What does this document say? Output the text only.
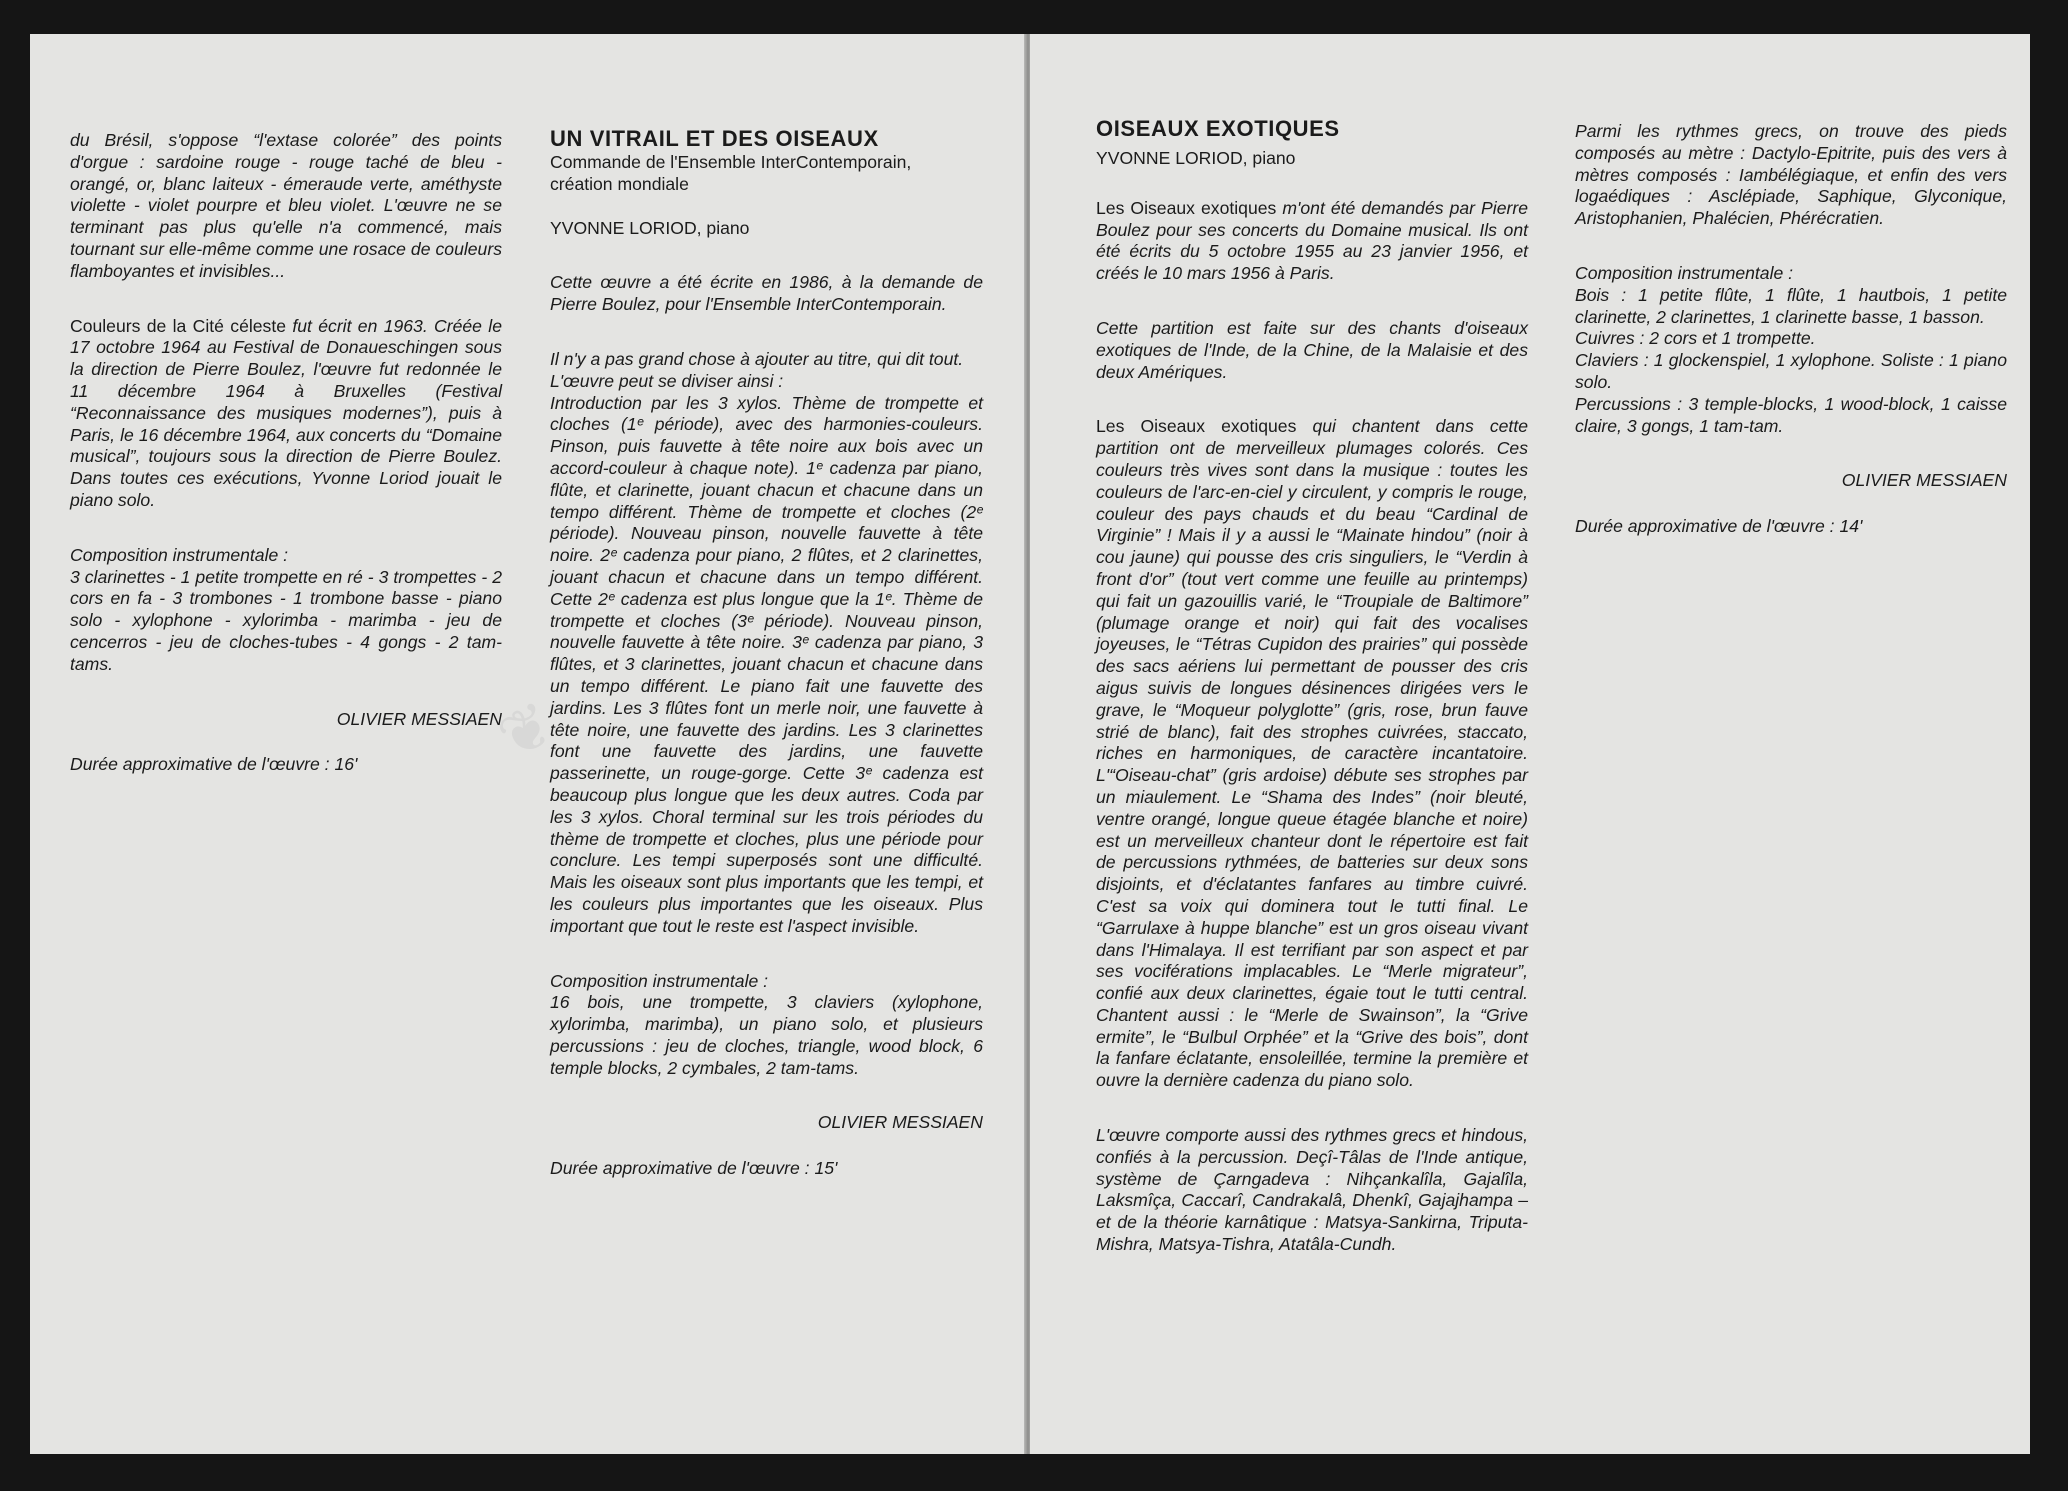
du Brésil, s'oppose “l'extase colorée” des points d'orgue : sardoine rouge - rouge taché de bleu - orangé, or, blanc laiteux - émeraude verte, améthyste violette - violet pourpre et bleu violet. L'œuvre ne se terminant pas plus qu'elle n'a commencé, mais tournant sur elle-même comme une rosace de couleurs flamboyantes et invisibles...

Couleurs de la Cité céleste fut écrit en 1963. Créée le 17 octobre 1964 au Festival de Donaueschingen sous la direction de Pierre Boulez, l'œuvre fut redonnée le 11 décembre 1964 à Bruxelles (Festival “Reconnaissance des musiques modernes”), puis à Paris, le 16 décembre 1964, aux concerts du “Domaine musical”, toujours sous la direction de Pierre Boulez. Dans toutes ces exécutions, Yvonne Loriod jouait le piano solo.

Composition instrumentale :
3 clarinettes - 1 petite trompette en ré - 3 trompettes - 2 cors en fa - 3 trombones - 1 trombone basse - piano solo - xylophone - xylorimba - marimba - jeu de cencerros - jeu de cloches-tubes - 4 gongs - 2 tam-tams.

OLIVIER MESSIAEN

Durée approximative de l'œuvre : 16'

UN VITRAIL ET DES OISEAUX
Commande de l'Ensemble InterContemporain,
création mondiale

YVONNE LORIOD, piano

Cette œuvre a été écrite en 1986, à la demande de Pierre Boulez, pour l'Ensemble InterContemporain.

Il n'y a pas grand chose à ajouter au titre, qui dit tout.
L'œuvre peut se diviser ainsi :
Introduction par les 3 xylos. Thème de trompette et cloches (1ᵉ période), avec des harmonies-couleurs. Pinson, puis fauvette à tête noire aux bois avec un accord-couleur à chaque note). 1ᵉ cadenza par piano, flûte, et clarinette, jouant chacun et chacune dans un tempo différent. Thème de trompette et cloches (2ᵉ période). Nouveau pinson, nouvelle fauvette à tête noire. 2ᵉ cadenza pour piano, 2 flûtes, et 2 clarinettes, jouant chacun et chacune dans un tempo différent. Cette 2ᵉ cadenza est plus longue que la 1ᵉ. Thème de trompette et cloches (3ᵉ période). Nouveau pinson, nouvelle fauvette à tête noire. 3ᵉ cadenza par piano, 3 flûtes, et 3 clarinettes, jouant chacun et chacune dans un tempo différent. Le piano fait une fauvette des jardins. Les 3 flûtes font un merle noir, une fauvette à tête noire, une fauvette des jardins. Les 3 clarinettes font une fauvette des jardins, une fauvette passerinette, un rouge-gorge. Cette 3ᵉ cadenza est beaucoup plus longue que les deux autres. Coda par les 3 xylos. Choral terminal sur les trois périodes du thème de trompette et cloches, plus une période pour conclure. Les tempi superposés sont une difficulté. Mais les oiseaux sont plus importants que les tempi, et les couleurs plus importantes que les oiseaux. Plus important que tout le reste est l'aspect invisible.

Composition instrumentale :
16 bois, une trompette, 3 claviers (xylophone, xylorimba, marimba), un piano solo, et plusieurs percussions : jeu de cloches, triangle, wood block, 6 temple blocks, 2 cymbales, 2 tam-tams.

OLIVIER MESSIAEN

Durée approximative de l'œuvre : 15'

❦
OISEAUX EXOTIQUES

YVONNE LORIOD, piano

Les Oiseaux exotiques m'ont été demandés par Pierre Boulez pour ses concerts du Domaine musical. Ils ont été écrits du 5 octobre 1955 au 23 janvier 1956, et créés le 10 mars 1956 à Paris.

Cette partition est faite sur des chants d'oiseaux exotiques de l'Inde, de la Chine, de la Malaisie et des deux Amériques.

Les Oiseaux exotiques qui chantent dans cette partition ont de merveilleux plumages colorés. Ces couleurs très vives sont dans la musique : toutes les couleurs de l'arc-en-ciel y circulent, y compris le rouge, couleur des pays chauds et du beau “Cardinal de Virginie” ! Mais il y a aussi le “Mainate hindou” (noir à cou jaune) qui pousse des cris singuliers, le “Verdin à front d'or” (tout vert comme une feuille au printemps) qui fait un gazouillis varié, le “Troupiale de Baltimore” (plumage orange et noir) qui fait des vocalises joyeuses, le “Tétras Cupidon des prairies” qui possède des sacs aériens lui permettant de pousser des cris aigus suivis de longues désinences dirigées vers le grave, le “Moqueur polyglotte” (gris, rose, brun fauve strié de blanc), fait des strophes cuivrées, staccato, riches en harmoniques, de caractère incantatoire. L'“Oiseau-chat” (gris ardoise) débute ses strophes par un miaulement. Le “Shama des Indes” (noir bleuté, ventre orangé, longue queue étagée blanche et noire) est un merveilleux chanteur dont le répertoire est fait de percussions rythmées, de batteries sur deux sons disjoints, et d'éclatantes fanfares au timbre cuivré. C'est sa voix qui dominera tout le tutti final. Le “Garrulaxe à huppe blanche” est un gros oiseau vivant dans l'Himalaya. Il est terrifiant par son aspect et par ses vociférations implacables. Le “Merle migrateur”, confié aux deux clarinettes, égaie tout le tutti central. Chantent aussi : le “Merle de Swainson”, la “Grive ermite”, le “Bulbul Orphée” et la “Grive des bois”, dont la fanfare éclatante, ensoleillée, termine la première et ouvre la dernière cadenza du piano solo.

L'œuvre comporte aussi des rythmes grecs et hindous, confiés à la percussion. Deçî-Tâlas de l'Inde antique, système de Çarngadeva : Nihçankalîla, Gajalîla, Laksmîça, Caccarî, Candrakalâ, Dhenkî, Gajajhampa – et de la théorie karnâtique : Matsya-Sankirna, Triputa-Mishra, Matsya-Tishra, Atatâla-Cundh.

Parmi les rythmes grecs, on trouve des pieds composés au mètre : Dactylo-Epitrite, puis des vers à mètres composés : Iambélégiaque, et enfin des vers logaédiques : Asclépiade, Saphique, Glyconique, Aristophanien, Phalécien, Phérécratien.

Composition instrumentale :
Bois : 1 petite flûte, 1 flûte, 1 hautbois, 1 petite clarinette, 2 clarinettes, 1 clarinette basse, 1 basson.
Cuivres : 2 cors et 1 trompette.
Claviers : 1 glockenspiel, 1 xylophone. Soliste : 1 piano solo.
Percussions : 3 temple-blocks, 1 wood-block, 1 caisse claire, 3 gongs, 1 tam-tam.

OLIVIER MESSIAEN

Durée approximative de l'œuvre : 14'
